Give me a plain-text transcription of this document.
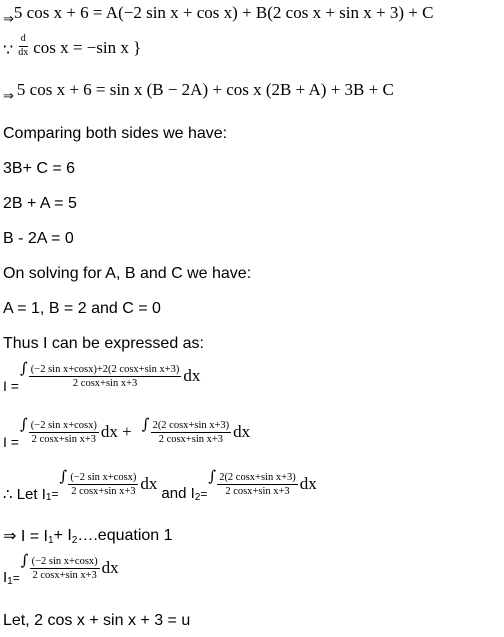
⇒ 5 cos x + 6 = A(−2 sin x + cos x) + B(2 cos x + sin x + 3) + C
∵ $\frac{d}{dx}$ cos x = −sin x }
⇒ 5 cos x + 6 = sin x (B − 2A) + cos x (2B + A) + 3B + C
Comparing both sides we have:
3B+ C = 6
2B + A = 5
B - 2A = 0
On solving for A, B and C we have:
A = 1, B = 2 and C = 0
Thus I can be expressed as:
I =
∫ $\frac{\text{(−2 sin x+cosx)+2(2 cosx+sin x+3)}}{\text{2 cosx+sin x+3}}$ dx
I =
∫ $\frac{\text{(−2 sin x+cosx)}}{\text{2 cosx+sin x+3}}$ dx + ∫ $\frac{\text{2(2 cosx+sin x+3)}}{\text{2 cosx+sin x+3}}$ dx
∴ Let I 1 =
∫ $\frac{\text{(−2 sin x+cosx)}}{\text{2 cosx+sin x+3}}$ dx
and I 2 =
∫ $\frac{\text{2(2 cosx+sin x+3)}}{\text{2 cosx+sin x+3}}$ dx
⇒ I = I 1 + I 2 ….equation 1
I 1 =
∫ $\frac{\text{(−2 sin x+cosx)}}{\text{2 cosx+sin x+3}}$ dx
Let, 2 cos x + sin x + 3 = u
